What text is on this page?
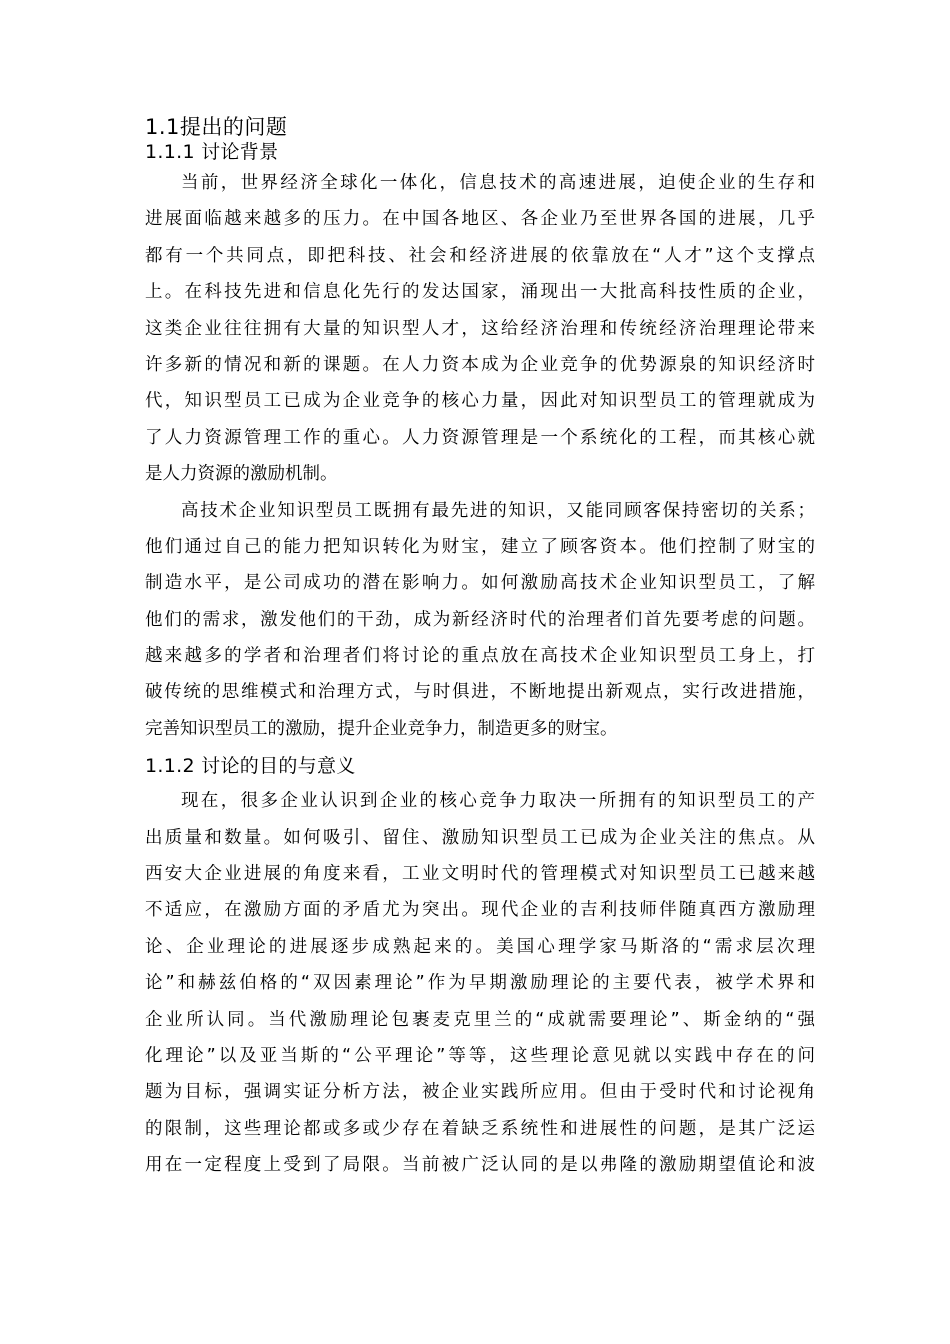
1.1提出的问题
1.1.1 讨论背景
当前，世界经济全球化一体化，信息技术的高速进展，迫使企业的生存和
进展面临越来越多的压力。在中国各地区、各企业乃至世界各国的进展，几乎
都有一个共同点，即把科技、社会和经济进展的依靠放在“人才”这个支撑点
上。在科技先进和信息化先行的发达国家，涌现出一大批高科技性质的企业，
这类企业往往拥有大量的知识型人才，这给经济治理和传统经济治理理论带来
许多新的情况和新的课题。在人力资本成为企业竞争的优势源泉的知识经济时
代，知识型员工已成为企业竞争的核心力量，因此对知识型员工的管理就成为
了人力资源管理工作的重心。人力资源管理是一个系统化的工程，而其核心就
是人力资源的激励机制。
高技术企业知识型员工既拥有最先进的知识，又能同顾客保持密切的关系；
他们通过自己的能力把知识转化为财宝，建立了顾客资本。他们控制了财宝的
制造水平，是公司成功的潜在影响力。如何激励高技术企业知识型员工，了解
他们的需求，激发他们的干劲，成为新经济时代的治理者们首先要考虑的问题。
越来越多的学者和治理者们将讨论的重点放在高技术企业知识型员工身上，打
破传统的思维模式和治理方式，与时俱进，不断地提出新观点，实行改进措施，
完善知识型员工的激励，提升企业竞争力，制造更多的财宝。
1.1.2 讨论的目的与意义
现在，很多企业认识到企业的核心竞争力取决一所拥有的知识型员工的产
出质量和数量。如何吸引、留住、激励知识型员工已成为企业关注的焦点。从
西安大企业进展的角度来看，工业文明时代的管理模式对知识型员工已越来越
不适应，在激励方面的矛盾尤为突出。现代企业的吉利技师伴随真西方激励理
论、企业理论的进展逐步成熟起来的。美国心理学家马斯洛的“需求层次理
论”和赫兹伯格的“双因素理论”作为早期激励理论的主要代表，被学术界和
企业所认同。当代激励理论包裹麦克里兰的“成就需要理论”、斯金纳的“强
化理论”以及亚当斯的“公平理论”等等，这些理论意见就以实践中存在的问
题为目标，强调实证分析方法，被企业实践所应用。但由于受时代和讨论视角
的限制，这些理论都或多或少存在着缺乏系统性和进展性的问题，是其广泛运
用在一定程度上受到了局限。当前被广泛认同的是以弗隆的激励期望值论和波
